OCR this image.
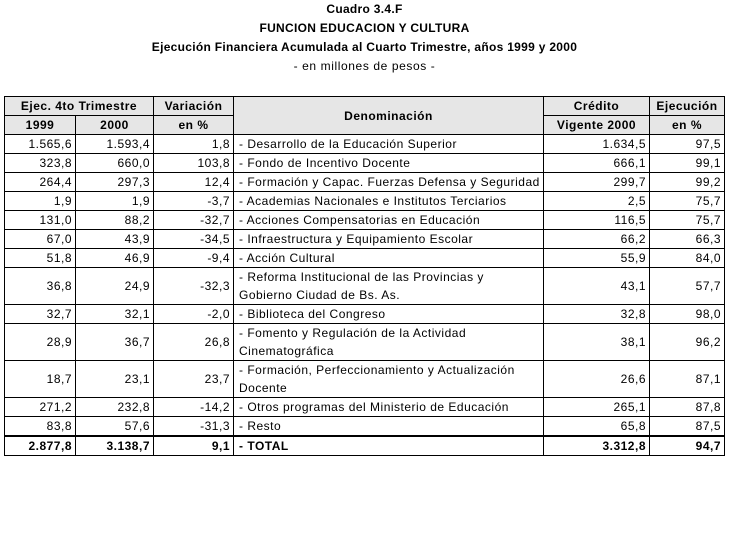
Cuadro 3.4.F
FUNCION EDUCACION Y CULTURA
Ejecución Financiera Acumulada al Cuarto Trimestre, años 1999 y 2000
- en millones de pesos -
Ejec. 4to Trimestre		Variación	Denominación	Crédito	Ejecución
1999	2000	en %		Vigente 2000	en %
1.565,6	1.593,4	1,8	- Desarrollo de la Educación Superior	1.634,5	97,5
323,8	660,0	103,8	- Fondo de Incentivo Docente	666,1	99,1
264,4	297,3	12,4	- Formación y Capac. Fuerzas Defensa y Seguridad	299,7	99,2
1,9	1,9	-3,7	- Academias Nacionales e Institutos Terciarios	2,5	75,7
131,0	88,2	-32,7	- Acciones Compensatorias en Educación	116,5	75,7
67,0	43,9	-34,5	- Infraestructura y Equipamiento Escolar	66,2	66,3
51,8	46,9	-9,4	- Acción Cultural	55,9	84,0
36,8	24,9	-32,3	- Reforma Institucional de las Provincias y Gobierno Ciudad de Bs. As.	43,1	57,7
32,7	32,1	-2,0	- Biblioteca del Congreso	32,8	98,0
28,9	36,7	26,8	- Fomento y Regulación de la Actividad Cinematográfica	38,1	96,2
18,7	23,1	23,7	- Formación, Perfeccionamiento y Actualización Docente	26,6	87,1
271,2	232,8	-14,2	- Otros programas del Ministerio de Educación	265,1	87,8
83,8	57,6	-31,3	- Resto	65,8	87,5
2.877,8	3.138,7	9,1	- TOTAL	3.312,8	94,7
